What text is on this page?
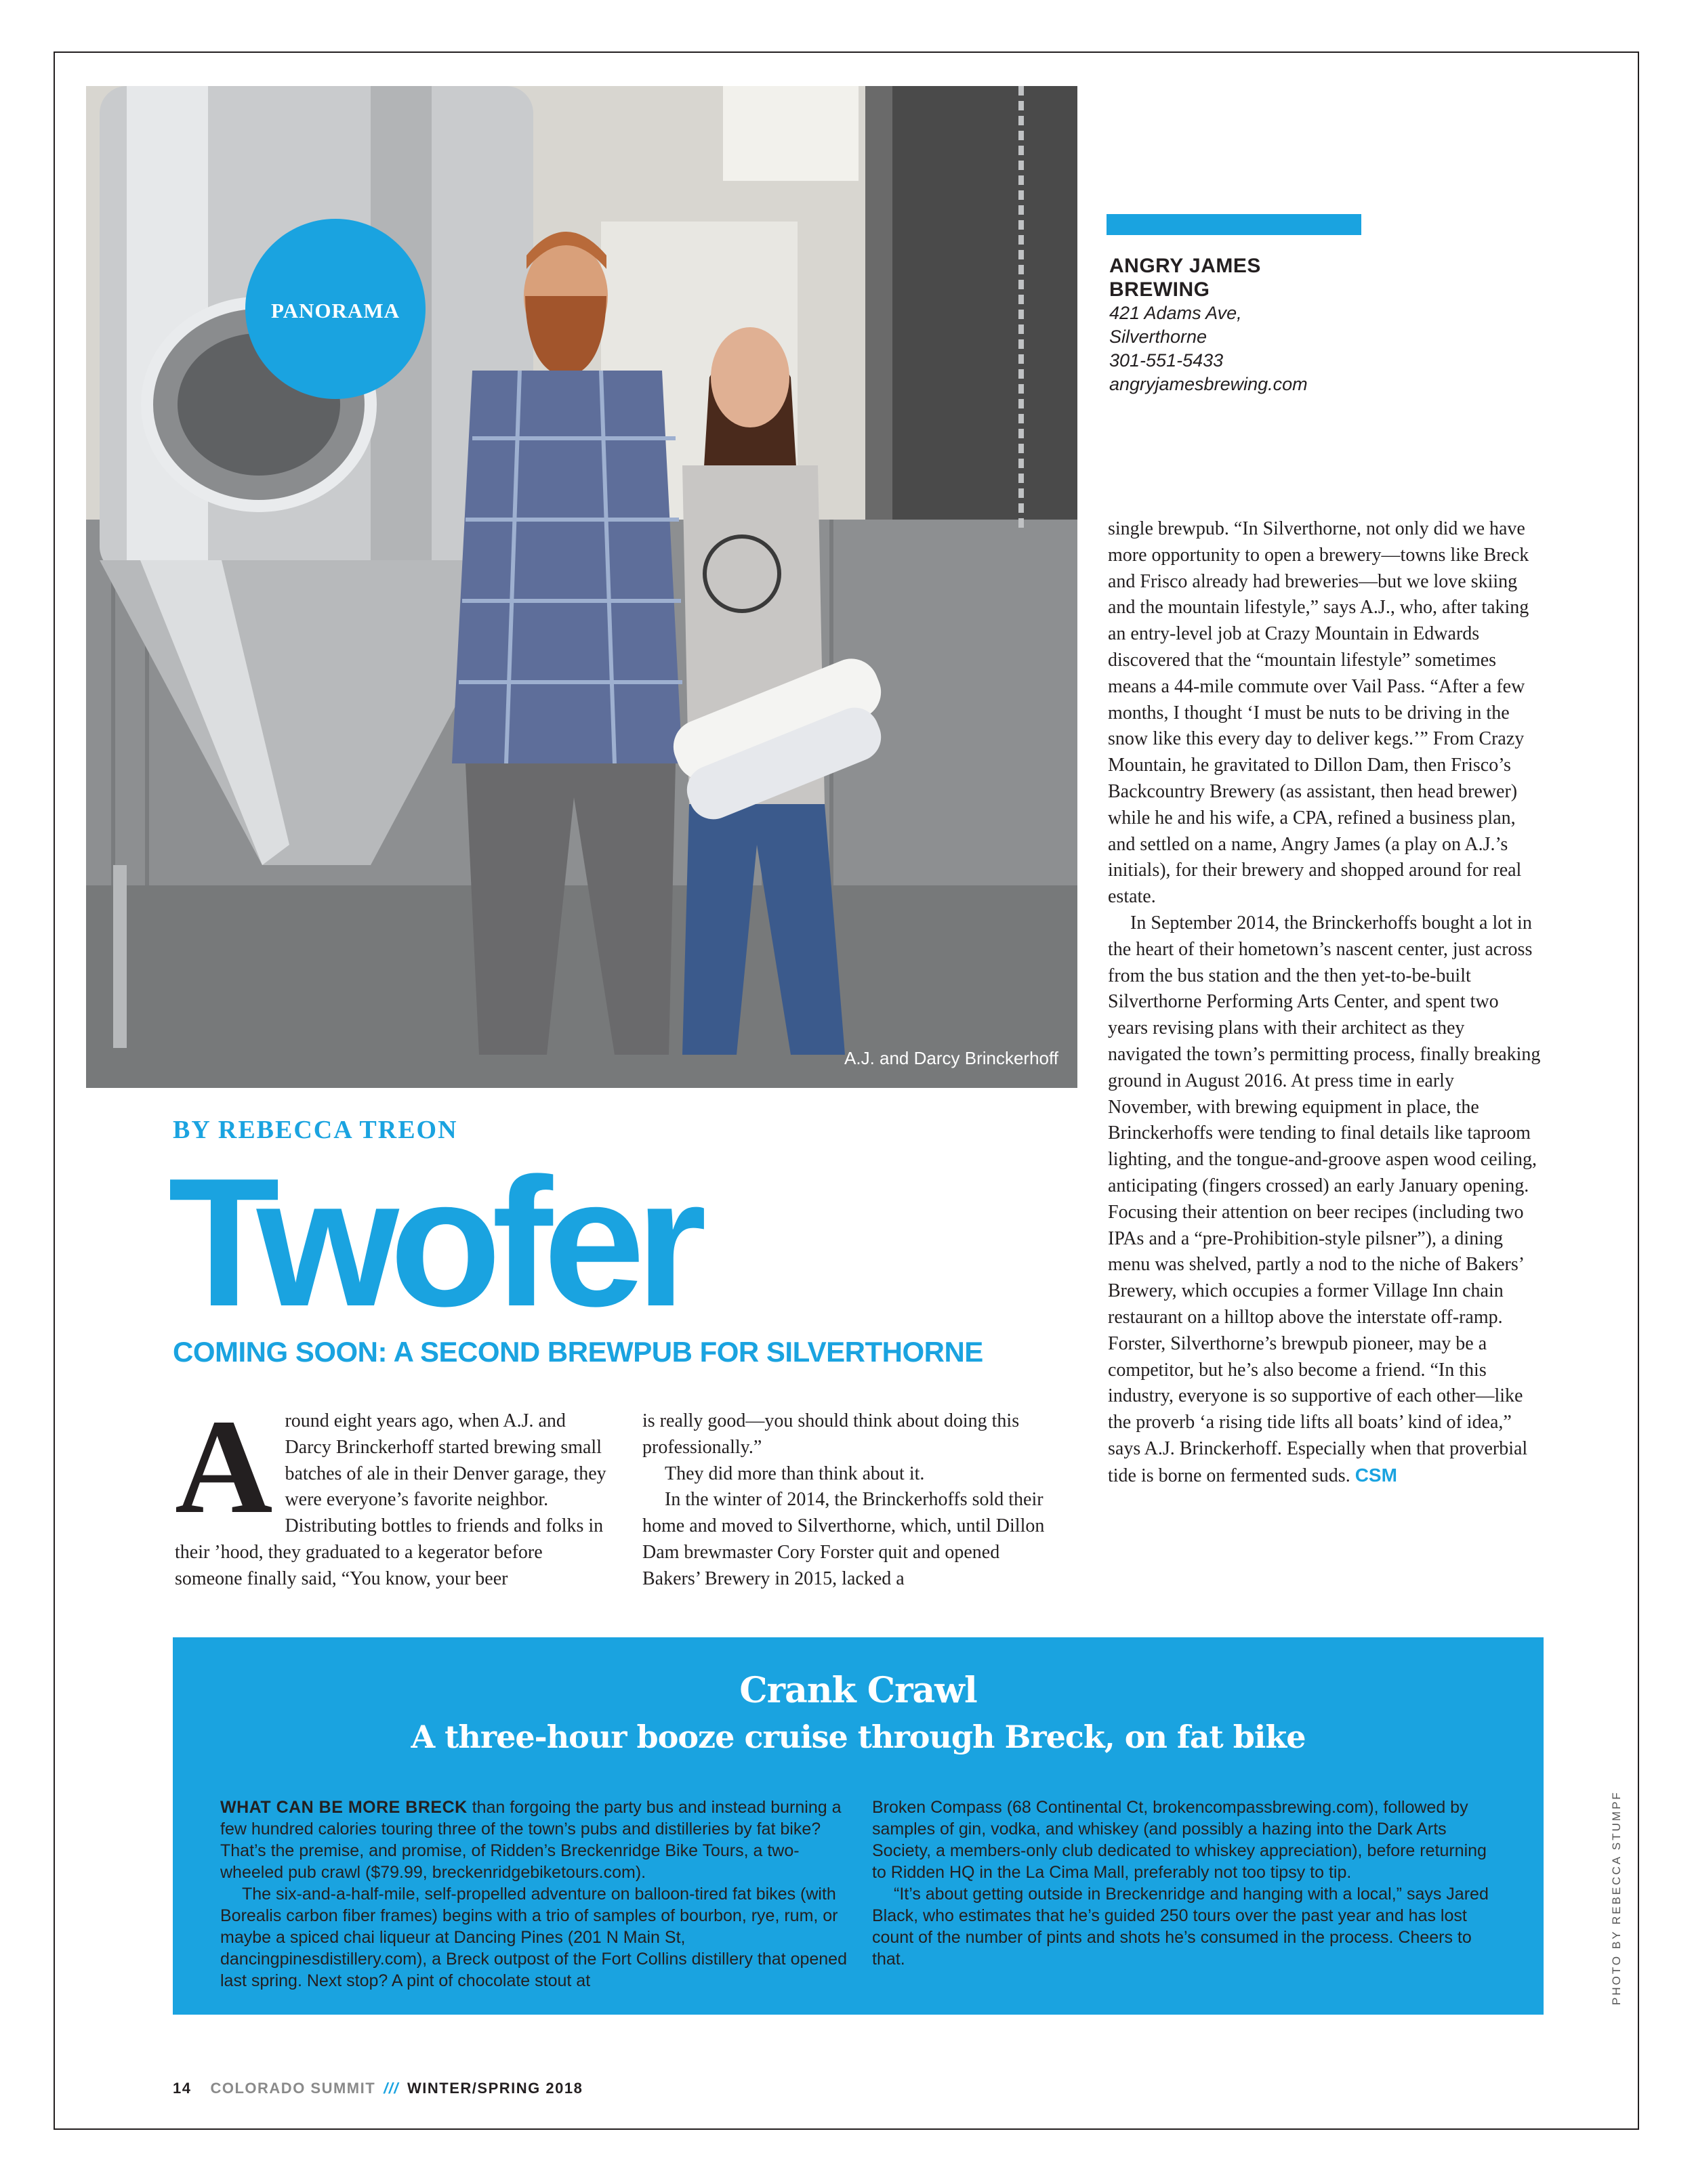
PANORAMA
A.J. and Darcy Brinckerhoff
ANGRY JAMES
BREWING
421 Adams Ave,
Silverthorne
301-551-5433
angryjamesbrewing.com
BY REBECCA TREON
Twofer
COMING SOON: A SECOND BREWPUB FOR SILVERTHORNE

Around eight years ago, when A.J. and Darcy Brinckerhoff started brewing small batches of ale in their Denver garage, they were everyone’s favorite neighbor. Distributing bottles to friends and folks in their ’hood, they graduated to a kegerator before someone finally said, “You know, your beer

is really good—you should think about doing this professionally.”

They did more than think about it.

In the winter of 2014, the Brinckerhoffs sold their home and moved to Silverthorne, which, until Dillon Dam brewmaster Cory Forster quit and opened Bakers’ Brewery in 2015, lacked a

single brewpub. “In Silverthorne, not only did we have more opportunity to open a brewery—towns like Breck and Frisco already had breweries—but we love skiing and the mountain lifestyle,” says A.J., who, after taking an entry-level job at Crazy Mountain in Edwards discovered that the “mountain lifestyle” sometimes means a 44-mile commute over Vail Pass. “After a few months, I thought ‘I must be nuts to be driving in the snow like this every day to deliver kegs.’” From Crazy Mountain, he gravitated to Dillon Dam, then Frisco’s Backcountry Brewery (as assistant, then head brewer) while he and his wife, a CPA, refined a business plan, and settled on a name, Angry James (a play on A.J.’s initials), for their brewery and shopped around for real estate.

In September 2014, the Brinckerhoffs bought a lot in the heart of their hometown’s nascent center, just across from the bus station and the then yet-to-be-built Silverthorne Performing Arts Center, and spent two years revising plans with their architect as they navigated the town’s permitting process, finally breaking ground in August 2016. At press time in early November, with brewing equipment in place, the Brinckerhoffs were tending to final details like taproom lighting, and the tongue-and-groove aspen wood ceiling, anticipating (fingers crossed) an early January opening. Focusing their attention on beer recipes (including two IPAs and a “pre-Prohibition-style pilsner”), a dining menu was shelved, partly a nod to the niche of Bakers’ Brewery, which occupies a former Village Inn chain restaurant on a hilltop above the interstate off-ramp. Forster, Silverthorne’s brewpub pioneer, may be a competitor, but he’s also become a friend. “In this industry, everyone is so supportive of each other—like the proverb ‘a rising tide lifts all boats’ kind of idea,” says A.J. Brinckerhoff. Especially when that proverbial tide is borne on fermented suds. CSM

Crank Crawl
A three-hour booze cruise through Breck, on fat bike

WHAT CAN BE MORE BRECK than forgoing the party bus and instead burning a few hundred calories touring three of the town’s pubs and distilleries by fat bike? That’s the premise, and promise, of Ridden’s Breckenridge Bike Tours, a two-wheeled pub crawl ($79.99, breckenridgebiketours.com).

The six-and-a-half-mile, self-propelled adventure on balloon-tired fat bikes (with Borealis carbon fiber frames) begins with a trio of samples of bourbon, rye, rum, or maybe a spiced chai liqueur at Dancing Pines (201 N Main St, dancingpinesdistillery.com), a Breck outpost of the Fort Collins distillery that opened last spring. Next stop? A pint of chocolate stout at

Broken Compass (68 Continental Ct, brokencompassbrewing.com), followed by samples of gin, vodka, and whiskey (and possibly a hazing into the Dark Arts Society, a members-only club dedicated to whiskey appreciation), before returning to Ridden HQ in the La Cima Mall, preferably not too tipsy to tip.

“It’s about getting outside in Breckenridge and hanging with a local,” says Jared Black, who estimates that he’s guided 250 tours over the past year and has lost count of the number of pints and shots he’s consumed in the process. Cheers to that.	PHOTO BY REBECCA STUMPF
14 COLORADO SUMMIT /// WINTER/SPRING 2018
